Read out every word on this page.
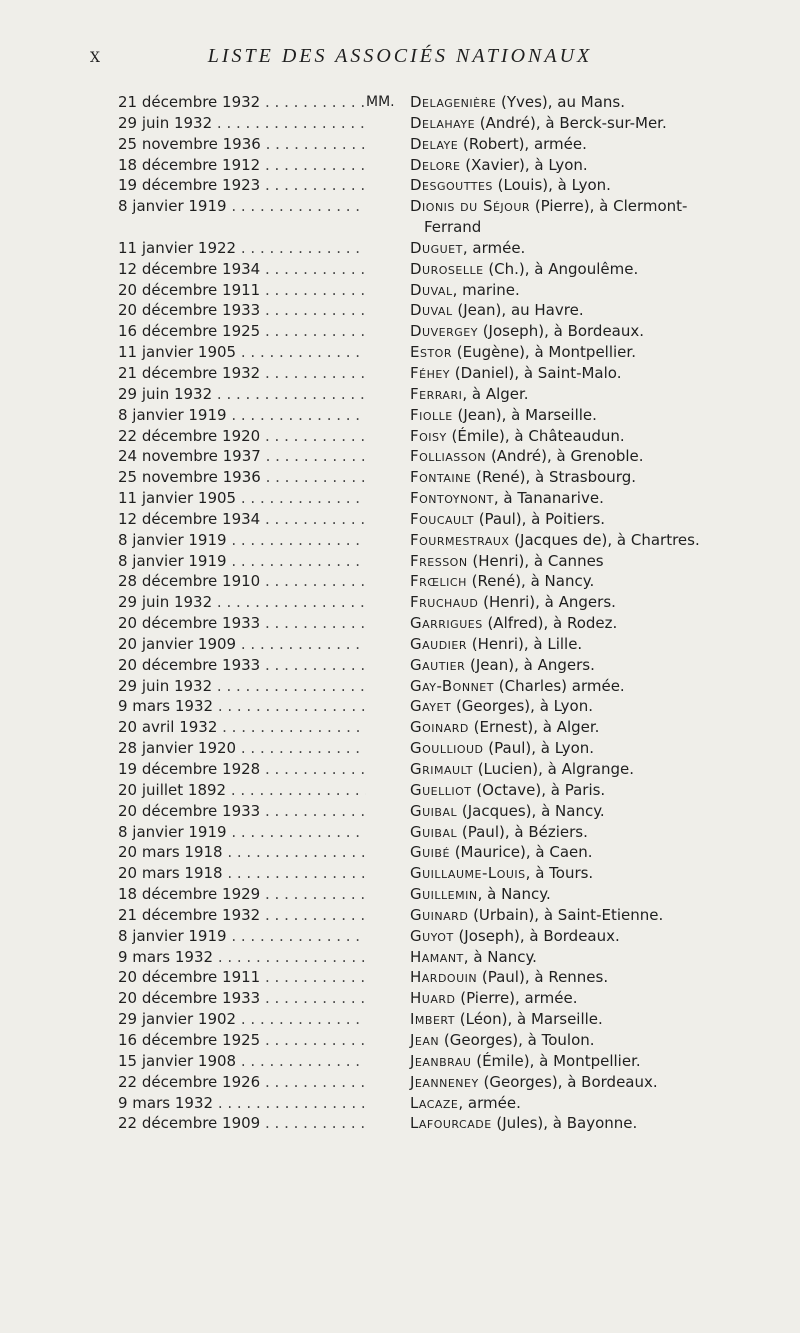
X	LISTE DES ASSOCIÉS NATIONAUX
21 décembre 1932 . . .	MM.	Delagenière (Yves), au Mans.
29 juin 1932 . . .	Delahaye (André), à Berck-sur-Mer.
25 novembre 1936 . . .	Delaye (Robert), armée.
18 décembre 1912 . . .	Delore (Xavier), à Lyon.
19 décembre 1923 . . .	Desgouttes (Louis), à Lyon.
8 janvier 1919 . . .	Dionis du Séjour (Pierre), à Clermont-
Ferrand
11 janvier 1922 . . .	Duguet, armée.
12 décembre 1934 . . .	Duroselle (Ch.), à Angoulême.
20 décembre 1911 . . .	Duval, marine.
20 décembre 1933 . . .	Duval (Jean), au Havre.
16 décembre 1925 . . .	Duvergey (Joseph), à Bordeaux.
11 janvier 1905 . . .	Estor (Eugène), à Montpellier.
21 décembre 1932 . . .	Féhey (Daniel), à Saint-Malo.
29 juin 1932 . . .	Ferrari, à Alger.
8 janvier 1919 . . .	Fiolle (Jean), à Marseille.
22 décembre 1920 . . .	Foisy (Émile), à Châteaudun.
24 novembre 1937 . . .	Folliasson (André), à Grenoble.
25 novembre 1936 . . .	Fontaine (René), à Strasbourg.
11 janvier 1905 . . .	Fontoynont, à Tananarive.
12 décembre 1934 . . .	Foucault (Paul), à Poitiers.
8 janvier 1919 . . .	Fourmestraux (Jacques de), à Chartres.
8 janvier 1919 . . .	Fresson (Henri), à Cannes
28 décembre 1910 . . .	Frœlich (René), à Nancy.
29 juin 1932 . . .	Fruchaud (Henri), à Angers.
20 décembre 1933 . . .	Garrigues (Alfred), à Rodez.
20 janvier 1909 . . .	Gaudier (Henri), à Lille.
20 décembre 1933 . . .	Gautier (Jean), à Angers.
29 juin 1932 . . .	Gay-Bonnet (Charles) armée.
9 mars 1932 . . .	Gayet (Georges), à Lyon.
20 avril 1932 . . .	Goinard (Ernest), à Alger.
28 janvier 1920 . . .	Goullioud (Paul), à Lyon.
19 décembre 1928 . . .	Grimault (Lucien), à Algrange.
20 juillet 1892 . . .	Guelliot (Octave), à Paris.
20 décembre 1933 . . .	Guibal (Jacques), à Nancy.
8 janvier 1919 . . .	Guibal (Paul), à Béziers.
20 mars 1918 . . .	Guibé (Maurice), à Caen.
20 mars 1918 . . .	Guillaume-Louis, à Tours.
18 décembre 1929 . . .	Guillemin, à Nancy.
21 décembre 1932 . . .	Guinard (Urbain), à Saint-Etienne.
8 janvier 1919 . . .	Guyot (Joseph), à Bordeaux.
9 mars 1932 . . .	Hamant, à Nancy.
20 décembre 1911 . . .	Hardouin (Paul), à Rennes.
20 décembre 1933 . . .	Huard (Pierre), armée.
29 janvier 1902 . . .	Imbert (Léon), à Marseille.
16 décembre 1925 . . .	Jean (Georges), à Toulon.
15 janvier 1908 . . .	Jeanbrau (Émile), à Montpellier.
22 décembre 1926 . . .	Jeanneney (Georges), à Bordeaux.
9 mars 1932 . . .	Lacaze, armée.
22 décembre 1909 . . .	Lafourcade (Jules), à Bayonne.
